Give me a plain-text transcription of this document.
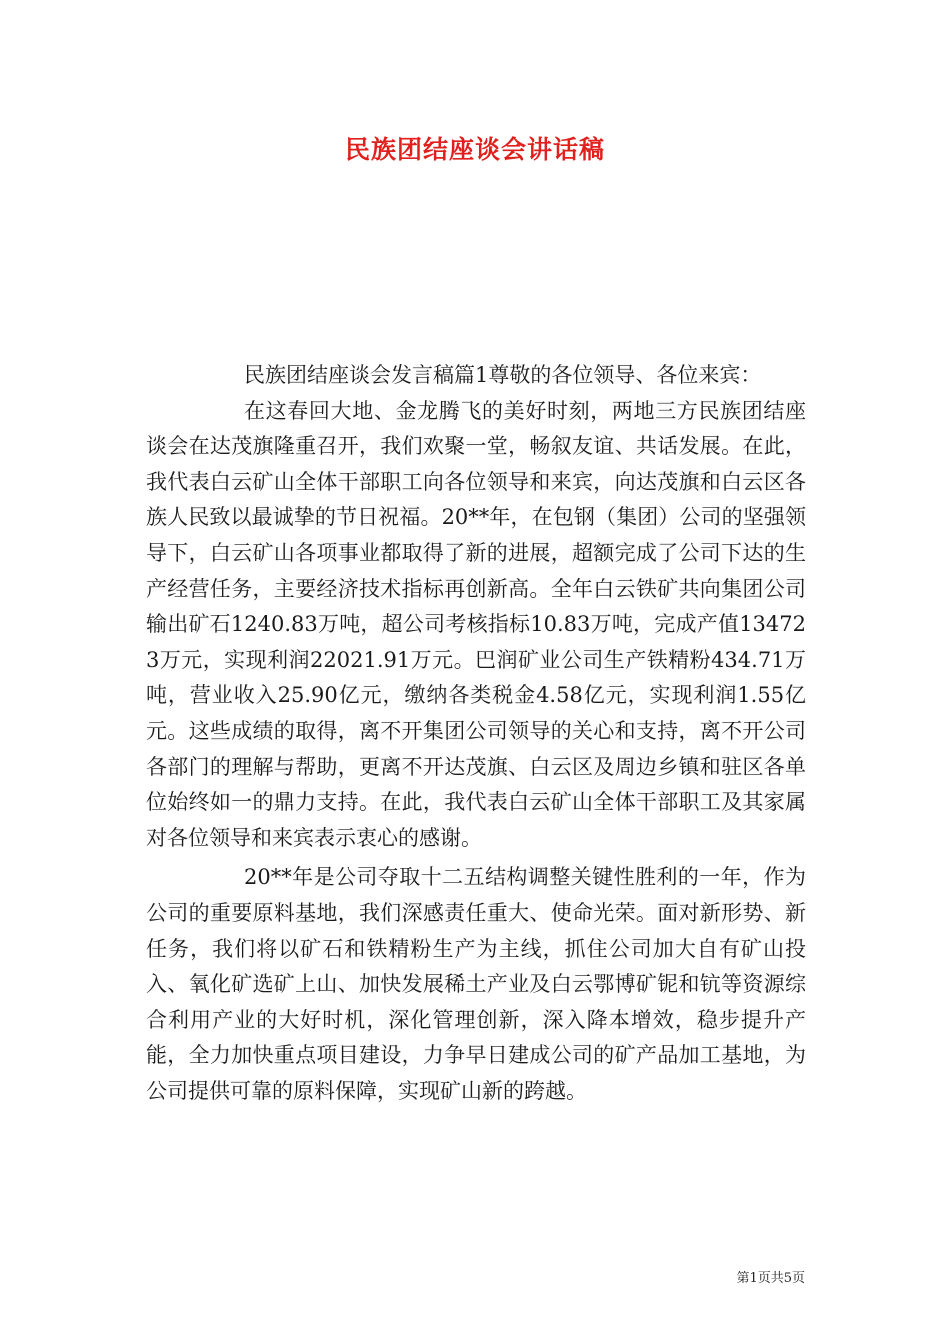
民族团结座谈会讲话稿

民族团结座谈会发言稿篇1尊敬的各位领导、各位来宾：

在这春回大地、金龙腾飞的美好时刻，两地三方民族团结座谈会在达茂旗隆重召开，我们欢聚一堂，畅叙友谊、共话发展。在此，我代表白云矿山全体干部职工向各位领导和来宾，向达茂旗和白云区各族人民致以最诚挚的节日祝福。20**年，在包钢（集团）公司的坚强领导下，白云矿山各项事业都取得了新的进展，超额完成了公司下达的生产经营任务，主要经济技术指标再创新高。全年白云铁矿共向集团公司输出矿石1240.83万吨，超公司考核指标10.83万吨，完成产值134723万元，实现利润22021.91万元。巴润矿业公司生产铁精粉434.71万吨，营业收入25.90亿元，缴纳各类税金4.58亿元，实现利润1.55亿元。这些成绩的取得，离不开集团公司领导的关心和支持，离不开公司各部门的理解与帮助，更离不开达茂旗、白云区及周边乡镇和驻区各单位始终如一的鼎力支持。在此，我代表白云矿山全体干部职工及其家属对各位领导和来宾表示衷心的感谢。

20**年是公司夺取十二五结构调整关键性胜利的一年，作为公司的重要原料基地，我们深感责任重大、使命光荣。面对新形势、新任务，我们将以矿石和铁精粉生产为主线，抓住公司加大自有矿山投入、氧化矿选矿上山、加快发展稀土产业及白云鄂博矿铌和钪等资源综合利用产业的大好时机，深化管理创新，深入降本增效，稳步提升产能，全力加快重点项目建设，力争早日建成公司的矿产品加工基地，为公司提供可靠的原料保障，实现矿山新的跨越。

第1页共5页
